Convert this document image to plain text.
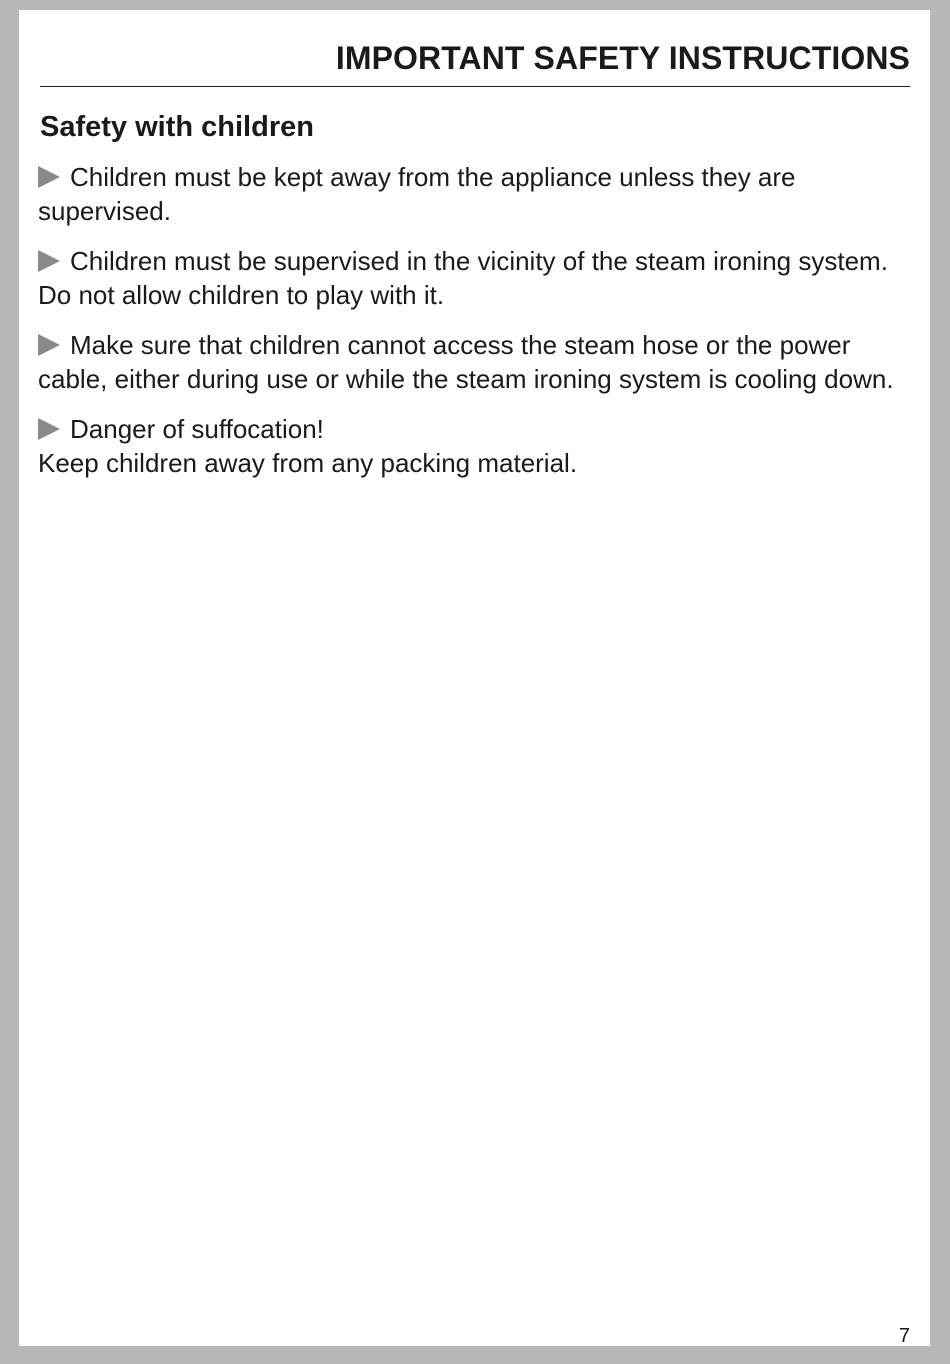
IMPORTANT SAFETY INSTRUCTIONS
Safety with children
Children must be kept away from the appliance unless they are supervised.
Children must be supervised in the vicinity of the steam ironing system. Do not allow children to play with it.
Make sure that children cannot access the steam hose or the power cable, either during use or while the steam ironing system is cooling down.
Danger of suffocation!
Keep children away from any packing material.
7
